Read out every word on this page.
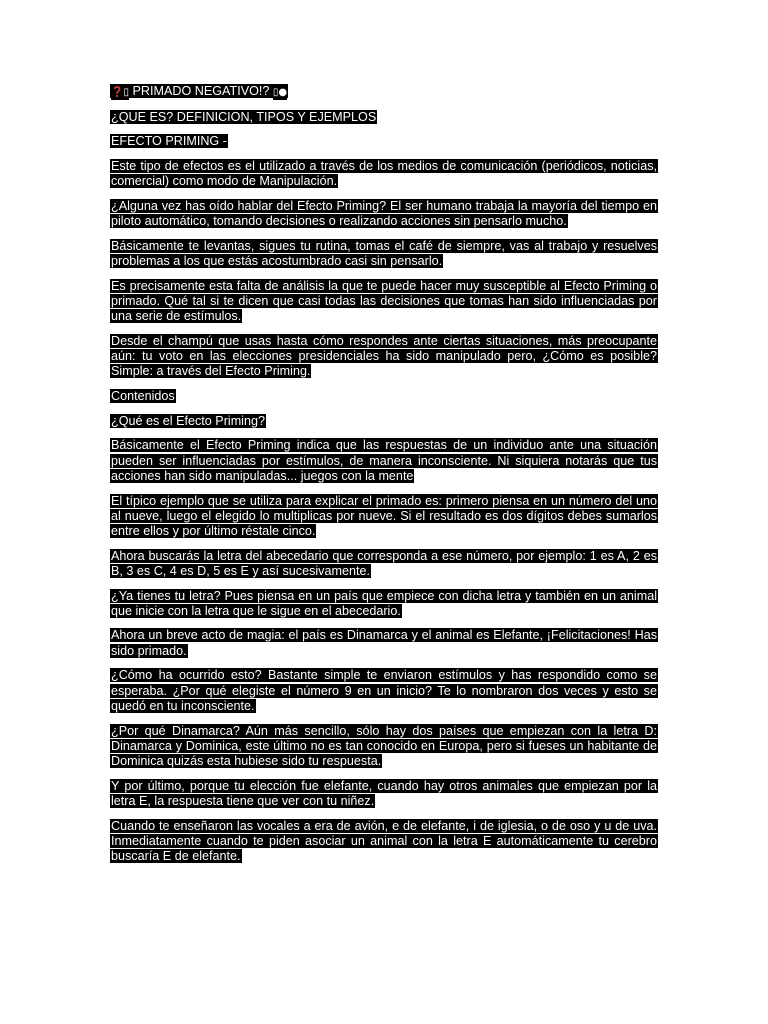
❓▯ PRIMADO NEGATIVO!? ▯●

¿QUE ES? DEFINICION, TIPOS Y EJEMPLOS

EFECTO PRIMING -

Este tipo de efectos es el utilizado a través de los medios de comunicación (periódicos, noticias, comercial) como modo de Manipulación.

¿Alguna vez has oído hablar del Efecto Priming? El ser humano trabaja la mayoría del tiempo en piloto automático, tomando decisiones o realizando acciones sin pensarlo mucho.

Básicamente te levantas, sigues tu rutina, tomas el café de siempre, vas al trabajo y resuelves problemas a los que estás acostumbrado casi sin pensarlo.

Es precisamente esta falta de análisis la que te puede hacer muy susceptible al Efecto Priming o primado. Qué tal si te dicen que casi todas las decisiones que tomas han sido influenciadas por una serie de estímulos.

Desde el champú que usas hasta cómo respondes ante ciertas situaciones, más preocupante aún: tu voto en las elecciones presidenciales ha sido manipulado pero, ¿Cómo es posible? Simple: a través del Efecto Priming.

Contenidos

¿Qué es el Efecto Priming?

Básicamente el Efecto Priming indica que las respuestas de un individuo ante una situación pueden ser influenciadas por estímulos, de manera inconsciente. Ni siquiera notarás que tus acciones han sido manipuladas... juegos con la mente

El típico ejemplo que se utiliza para explicar el primado es: primero piensa en un número del uno al nueve, luego el elegido lo multiplicas por nueve. Si el resultado es dos dígitos debes sumarlos entre ellos y por último réstale cinco.

Ahora buscarás la letra del abecedario que corresponda a ese número, por ejemplo: 1 es A, 2 es B, 3 es C, 4 es D, 5 es E y así sucesivamente.

¿Ya tienes tu letra? Pues piensa en un país que empiece con dicha letra y también en un animal que inicie con la letra que le sigue en el abecedario.

Ahora un breve acto de magia: el país es Dinamarca y el animal es Elefante, ¡Felicitaciones! Has sido primado.

¿Cómo ha ocurrido esto? Bastante simple te enviaron estímulos y has respondido como se esperaba. ¿Por qué elegiste el número 9 en un inicio? Te lo nombraron dos veces y esto se quedó en tu inconsciente.

¿Por qué Dinamarca? Aún más sencillo, sólo hay dos países que empiezan con la letra D: Dinamarca y Dominica, este último no es tan conocido en Europa, pero si fueses un habitante de Dominica quizás esta hubiese sido tu respuesta.

Y por último, porque tu elección fue elefante, cuando hay otros animales que empiezan por la letra E, la respuesta tiene que ver con tu niñez.

Cuando te enseñaron las vocales a era de avión, e de elefante, i de iglesia, o de oso y u de uva. Inmediatamente cuando te piden asociar un animal con la letra E automáticamente tu cerebro buscaría E de elefante.
